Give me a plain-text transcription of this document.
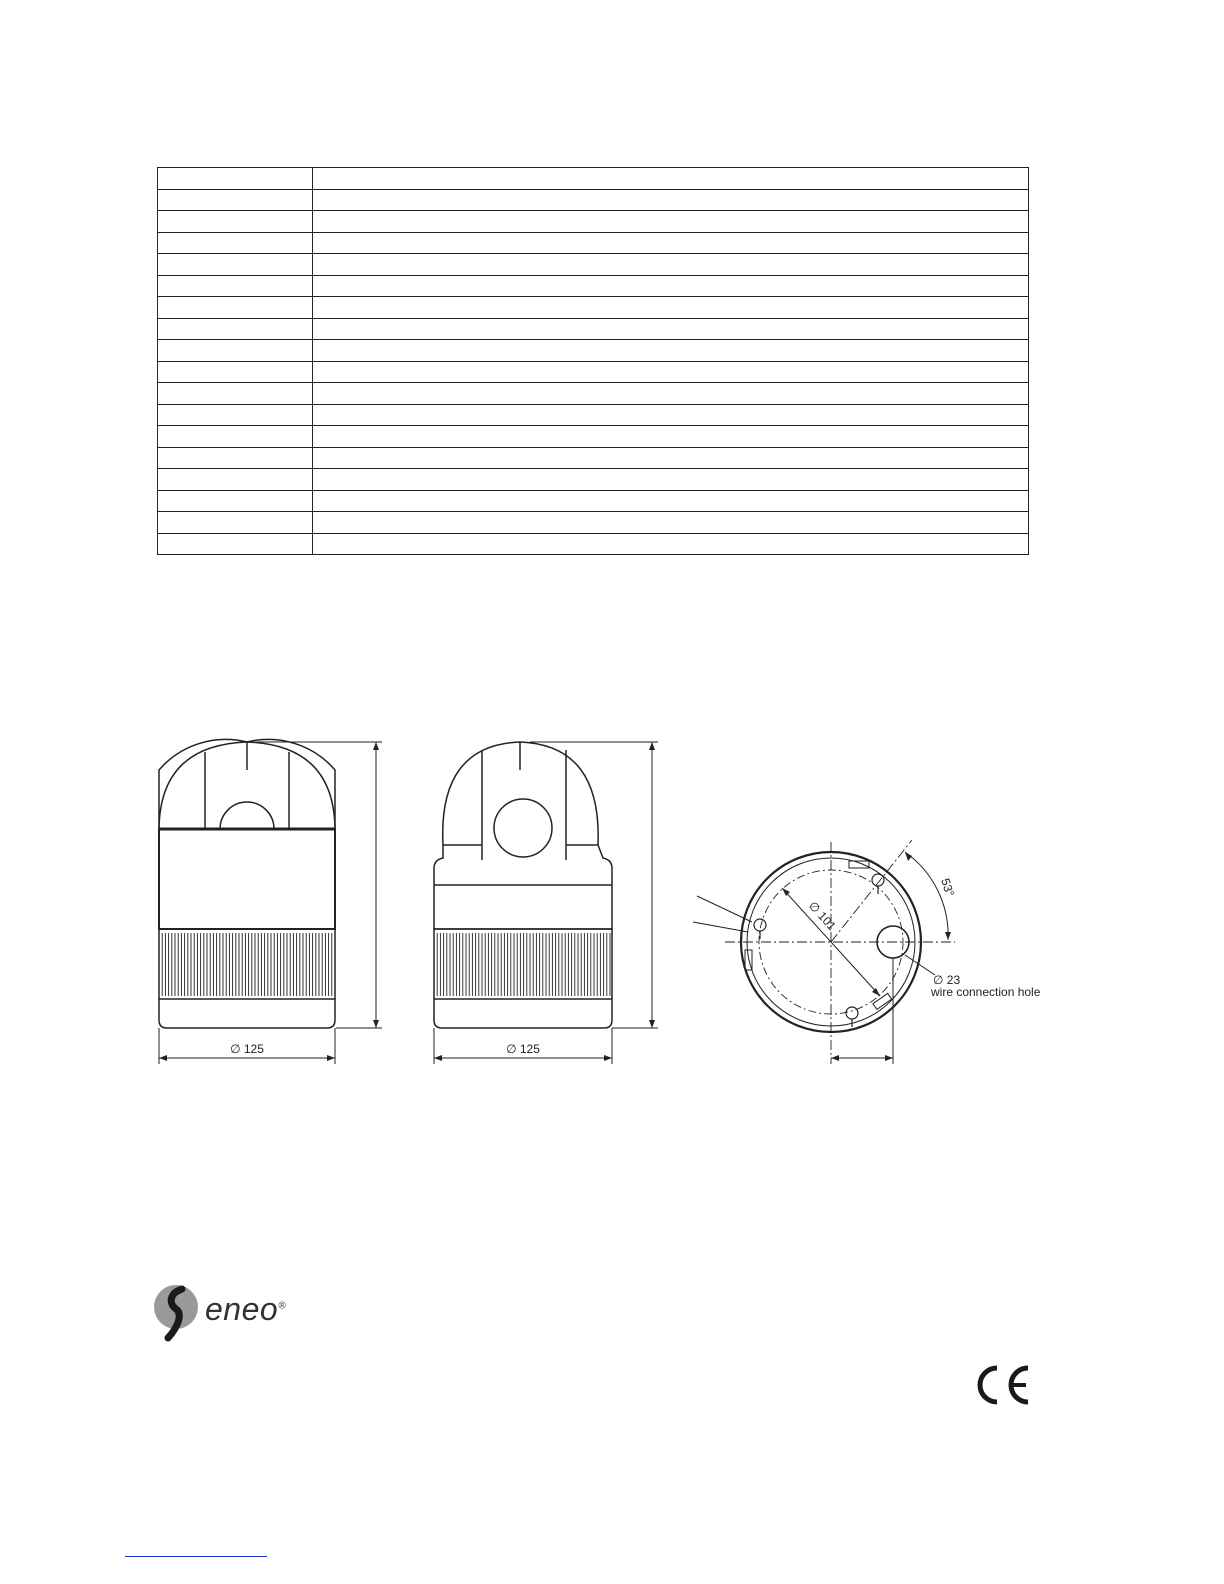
∅ 125	∅ 125
∅ 101
53°
∅ 23
wire connection hole
eneo®
